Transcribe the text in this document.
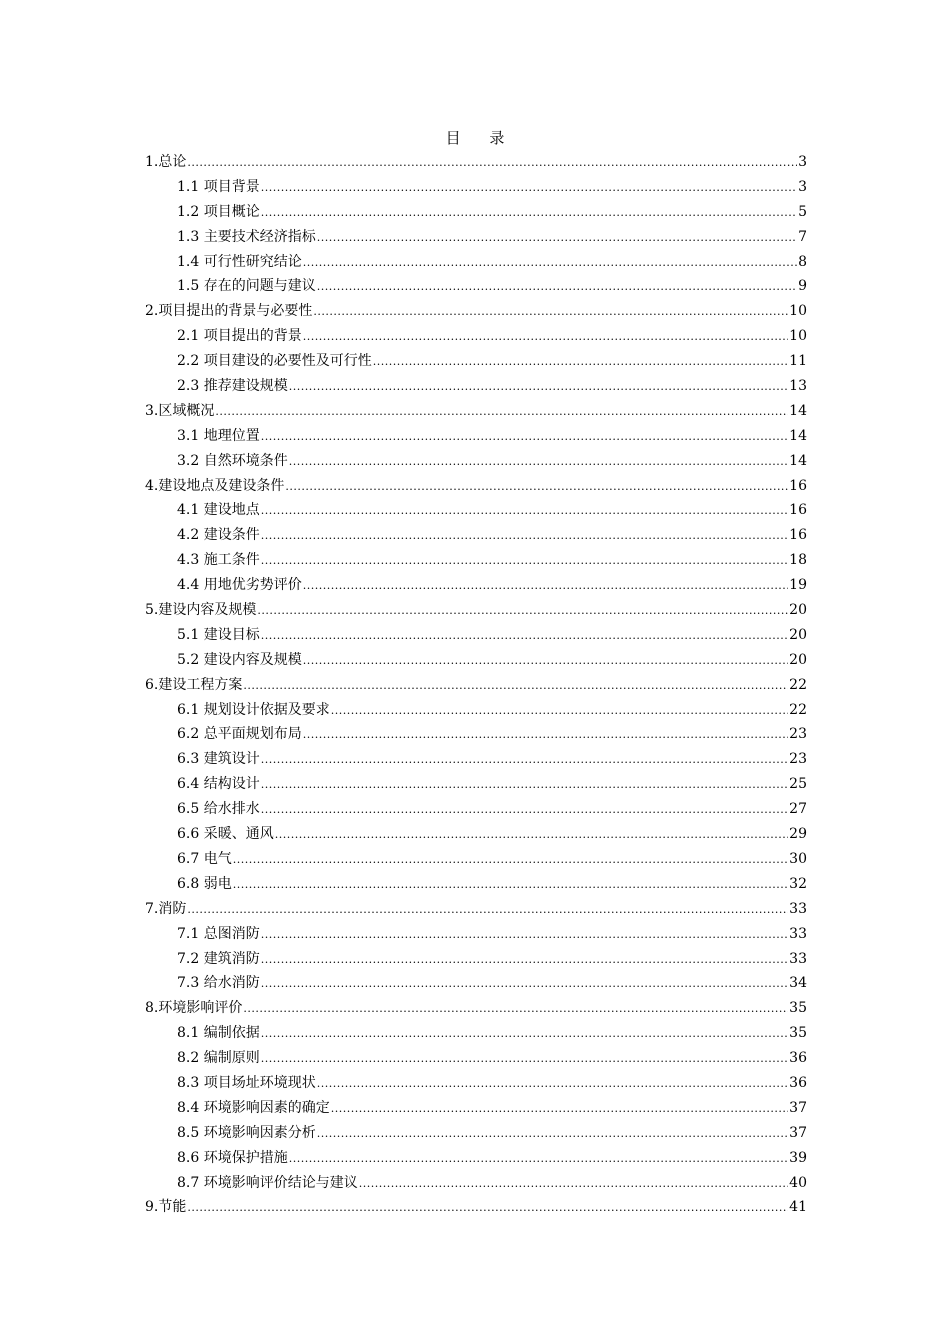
目 录
1.总论 .....	3
1.1 项目背景 .....	3
1.2 项目概论 .....	5
1.3 主要技术经济指标 .....	7
1.4 可行性研究结论 .....	8
1.5 存在的问题与建议 .....	9
2.项目提出的背景与必要性 .....	10
2.1 项目提出的背景 .....	10
2.2 项目建设的必要性及可行性 .....	11
2.3 推荐建设规模 .....	13
3.区域概况 .....	14
3.1 地理位置 .....	14
3.2 自然环境条件 .....	14
4.建设地点及建设条件 .....	16
4.1 建设地点 .....	16
4.2 建设条件 .....	16
4.3 施工条件 .....	18
4.4 用地优劣势评价 .....	19
5.建设内容及规模 .....	20
5.1 建设目标 .....	20
5.2 建设内容及规模 .....	20
6.建设工程方案 .....	22
6.1 规划设计依据及要求 .....	22
6.2 总平面规划布局 .....	23
6.3 建筑设计 .....	23
6.4 结构设计 .....	25
6.5 给水排水 .....	27
6.6 采暖、通风 .....	29
6.7 电气 .....	30
6.8 弱电 .....	32
7.消防 .....	33
7.1 总图消防 .....	33
7.2 建筑消防 .....	33
7.3 给水消防 .....	34
8.环境影响评价 .....	35
8.1 编制依据 .....	35
8.2 编制原则 .....	36
8.3 项目场址环境现状 .....	36
8.4 环境影响因素的确定 .....	37
8.5 环境影响因素分析 .....	37
8.6 环境保护措施 .....	39
8.7 环境影响评价结论与建议 .....	40
9.节能 .....	41
